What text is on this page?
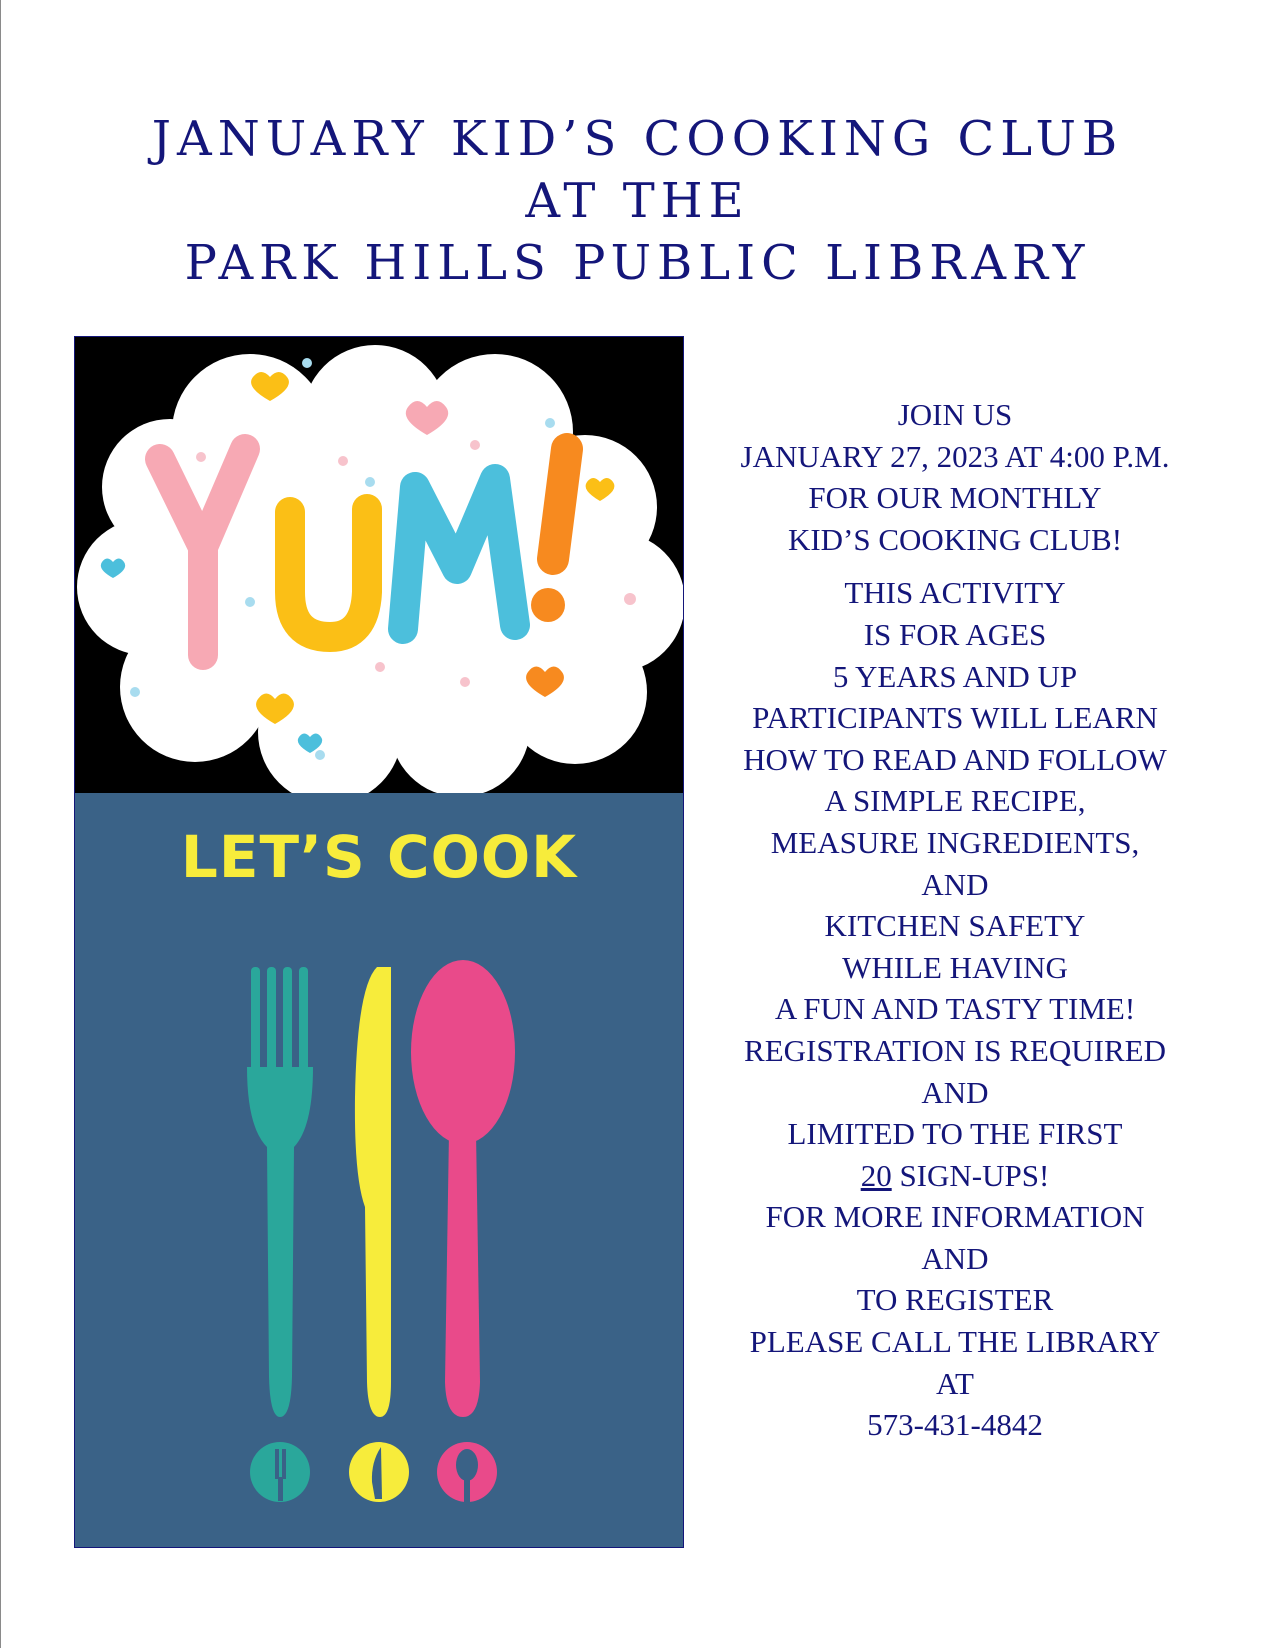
JANUARY KID’S COOKING CLUB
AT THE
PARK HILLS PUBLIC LIBRARY
LET’S COOK
JOIN US
JANUARY 27, 2023 AT 4:00 P.M.
FOR OUR MONTHLY
KID’S COOKING CLUB!
THIS ACTIVITY
IS FOR AGES
5 YEARS AND UP
PARTICIPANTS WILL LEARN
HOW TO READ AND FOLLOW
A SIMPLE RECIPE,
MEASURE INGREDIENTS,
AND
KITCHEN SAFETY
WHILE HAVING
A FUN AND TASTY TIME!
REGISTRATION IS REQUIRED
AND
LIMITED TO THE FIRST
20 SIGN-UPS!
FOR MORE INFORMATION
AND
TO REGISTER
PLEASE CALL THE LIBRARY
AT
573-431-4842
